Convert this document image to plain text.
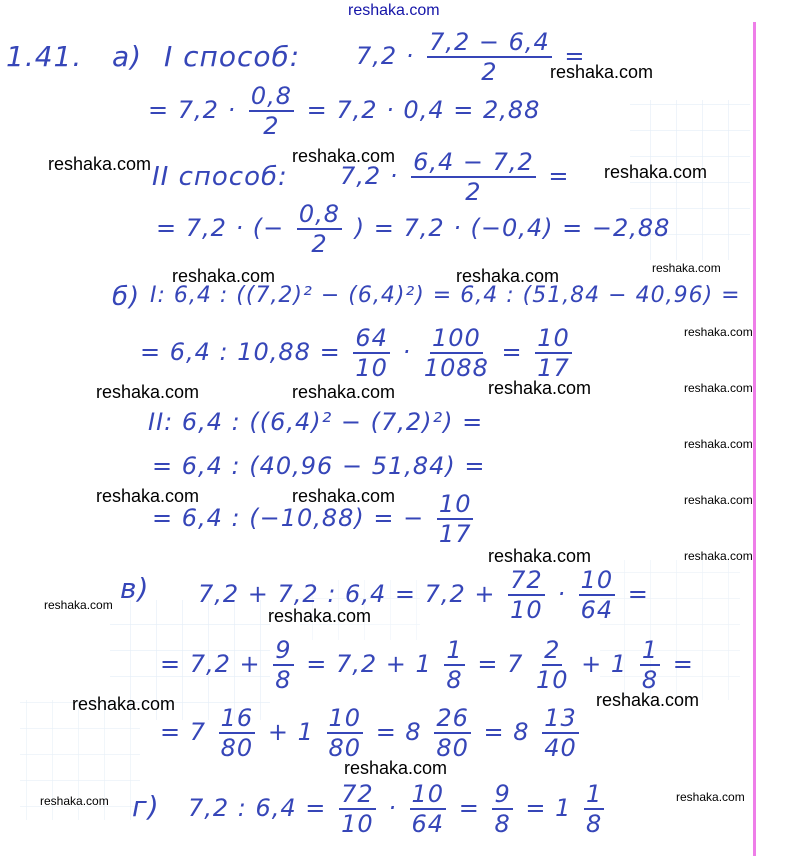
reshaka.com
1.41. а) I способ: $7,2 \cdot \frac{7,2 - 6,4}{2}$ =
= $7,2 \cdot \frac{0,8}{2} = 7,2 \cdot 0,4 = 2,88$
II способ: $7,2 \cdot \frac{6,4 - 7,2}{2}$ =
= 7,2 · (− $\frac{0,8}{2}$ ) = 7,2 · (−0,4) = −2,88
б) I: 6,4 : ((7,2)² − (6,4)²) = 6,4 : (51,84 − 40,96) =
= 6,4 : $10,88 = \frac{64}{10} \cdot \frac{100}{1088} = \frac{10}{17}$
II: 6,4 : ((6,4)² − (7,2)²) =
= 6,4 : (40,96 − 51,84) =
= 6,4 : (−10,88) = − $\frac{10}{17}$
в) 7,2 + 7,2 : $6,4 = 7,2 + \frac{72}{10} \cdot \frac{10}{64}$ =
= $7,2 + \frac{9}{8} = 7,2 + 1 \frac{1}{8} = 7 \frac{2}{10} + 1 \frac{1}{8}$ =
= $7 \frac{16}{80} + 1 \frac{10}{80} = 8 \frac{26}{80} = 8 \frac{13}{40}$
г) 7,2 : $6,4 = \frac{72}{10} \cdot \frac{10}{64} = \frac{9}{8} = 1 \frac{1}{8}$
reshaka.com
reshaka.com	reshaka.com
reshaka.com
reshaka.com	reshaka.com	reshaka.com
reshaka.com
reshaka.com	reshaka.com	reshaka.com	reshaka.com
reshaka.com
reshaka.com	reshaka.com	reshaka.com
reshaka.com	reshaka.com
reshaka.com
reshaka.com
reshaka.com	reshaka.com
reshaka.com
reshaka.com	reshaka.com
